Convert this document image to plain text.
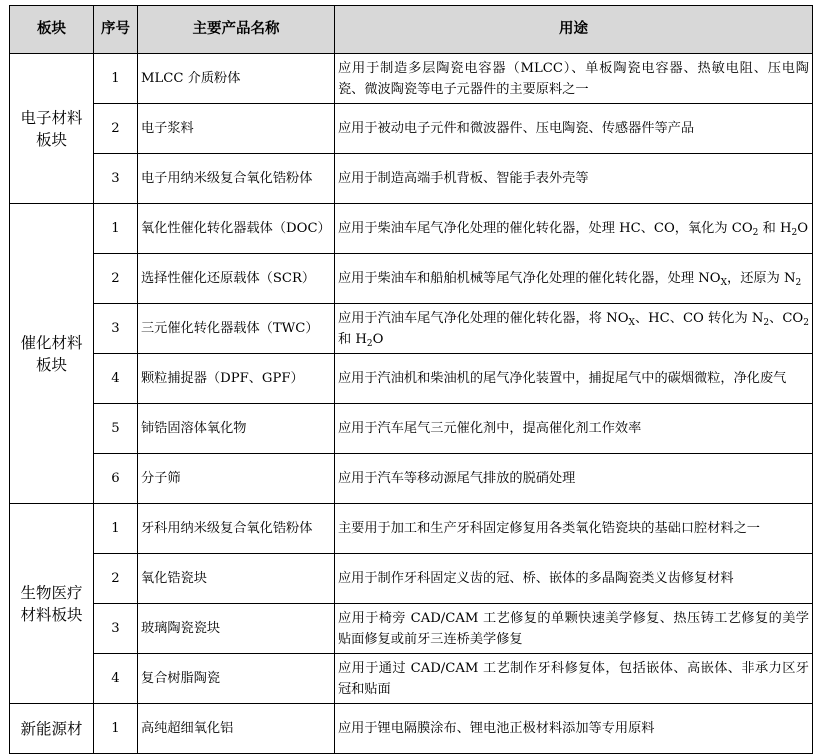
板块	序号	主要产品名称	用途
电子材料板块	1	MLCC 介质粉体	应用于制造多层陶瓷电容器（MLCC）、单板陶瓷电容器、热敏电阻、压电陶瓷、微波陶瓷等电子元器件的主要原料之一
	2	电子浆料	应用于被动电子元件和微波器件、压电陶瓷、传感器件等产品
	3	电子用纳米级复合氧化锆粉体	应用于制造高端手机背板、智能手表外壳等
催化材料板块	1	氧化性催化转化器载体（DOC）	应用于柴油车尾气净化处理的催化转化器，处理 HC、CO，氧化为 $CO_2$ 和 $H_2O$
	2	选择性催化还原载体（SCR）	应用于柴油车和船舶机械等尾气净化处理的催化转化器，处理 $NO_X$，还原为 $N_2$
	3	三元催化转化器载体（TWC）	应用于汽油车尾气净化处理的催化转化器，将 $NO_X$、HC、CO 转化为 $N_2$、$CO_2$ 和 $H_2O$
	4	颗粒捕捉器（DPF、GPF）	应用于汽油机和柴油机的尾气净化装置中，捕捉尾气中的碳烟微粒，净化废气
	5	铈锆固溶体氧化物	应用于汽车尾气三元催化剂中，提高催化剂工作效率
	6	分子筛	应用于汽车等移动源尾气排放的脱硝处理
生物医疗材料板块	1	牙科用纳米级复合氧化锆粉体	主要用于加工和生产牙科固定修复用各类氧化锆瓷块的基础口腔材料之一
	2	氧化锆瓷块	应用于制作牙科固定义齿的冠、桥、嵌体的多晶陶瓷类义齿修复材料
	3	玻璃陶瓷瓷块	应用于椅旁 CAD/CAM 工艺修复的单颗快速美学修复、热压铸工艺修复的美学贴面修复或前牙三连桥美学修复
	4	复合树脂陶瓷	应用于通过 CAD/CAM 工艺制作牙科修复体，包括嵌体、高嵌体、非承力区牙冠和贴面
新能源材	1	高纯超细氧化铝	应用于锂电隔膜涂布、锂电池正极材料添加等专用原料
